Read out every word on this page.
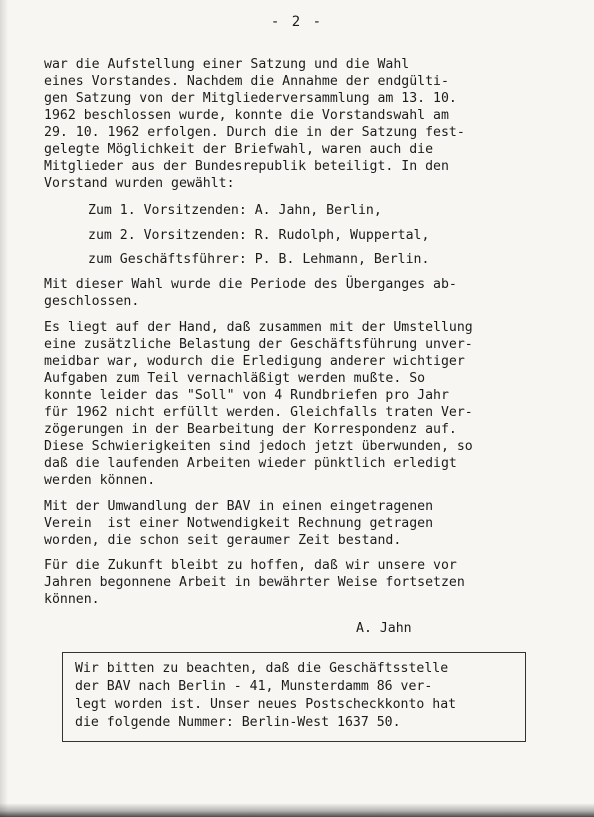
- 2 -
war die Aufstellung einer Satzung und die Wahl
eines Vorstandes. Nachdem die Annahme der endgülti-
gen Satzung von der Mitgliederversammlung am 13. 10.
1962 beschlossen wurde, konnte die Vorstandswahl am
29. 10. 1962 erfolgen. Durch die in der Satzung fest-
gelegte Möglichkeit der Briefwahl, waren auch die
Mitglieder aus der Bundesrepublik beteiligt. In den
Vorstand wurden gewählt:
Zum 1. Vorsitzenden: A. Jahn, Berlin,
zum 2. Vorsitzenden: R. Rudolph, Wuppertal,
zum Geschäftsführer: P. B. Lehmann, Berlin.
Mit dieser Wahl wurde die Periode des Überganges ab-
geschlossen.
Es liegt auf der Hand, daß zusammen mit der Umstellung
eine zusätzliche Belastung der Geschäftsführung unver-
meidbar war, wodurch die Erledigung anderer wichtiger
Aufgaben zum Teil vernachläßigt werden mußte. So
konnte leider das "Soll" von 4 Rundbriefen pro Jahr
für 1962 nicht erfüllt werden. Gleichfalls traten Ver-
zögerungen in der Bearbeitung der Korrespondenz auf.
Diese Schwierigkeiten sind jedoch jetzt überwunden, so
daß die laufenden Arbeiten wieder pünktlich erledigt
werden können.
Mit der Umwandlung der BAV in einen eingetragenen
Verein  ist einer Notwendigkeit Rechnung getragen
worden, die schon seit geraumer Zeit bestand.
Für die Zukunft bleibt zu hoffen, daß wir unsere vor
Jahren begonnene Arbeit in bewährter Weise fortsetzen
können.
A. Jahn
Wir bitten zu beachten, daß die Geschäftsstelle
der BAV nach Berlin - 41, Munsterdamm 86 ver-
legt worden ist. Unser neues Postscheckkonto hat
die folgende Nummer: Berlin-West 1637 50.
